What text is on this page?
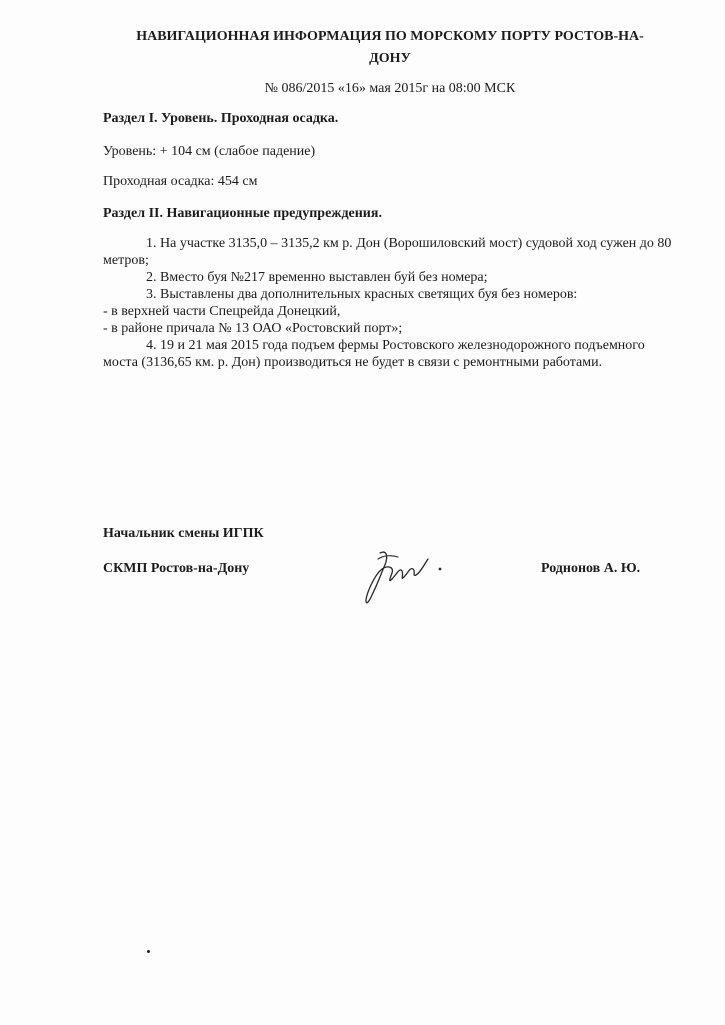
НАВИГАЦИОННАЯ ИНФОРМАЦИЯ ПО МОРСКОМУ ПОРТУ РОСТОВ-НА-
ДОНУ
№ 086/2015 «16» мая 2015г на 08:00 МСК
Раздел I. Уровень. Проходная осадка.
Уровень: + 104 см (слабое падение)
Проходная осадка: 454 см
Раздел II. Навигационные предупреждения.

1. На участке 3135,0 – 3135,2 км р. Дон (Ворошиловский мост) судовой ход сужен до 80 метров;

2. Вместо буя №217 временно выставлен буй без номера;

3. Выставлены два дополнительных красных светящих буя без номеров:

- в верхней части Спецрейда Донецкий,

- в районе причала № 13 ОАО «Ростовский порт»;

4. 19 и 21 мая 2015 года подъем фермы Ростовского железнодорожного подъемного моста (3136,65 км. р. Дон) производиться не будет в связи с ремонтными работами.

Начальник смены ИГПК
СКМП Ростов-на-Дону	Роднонов А. Ю.
